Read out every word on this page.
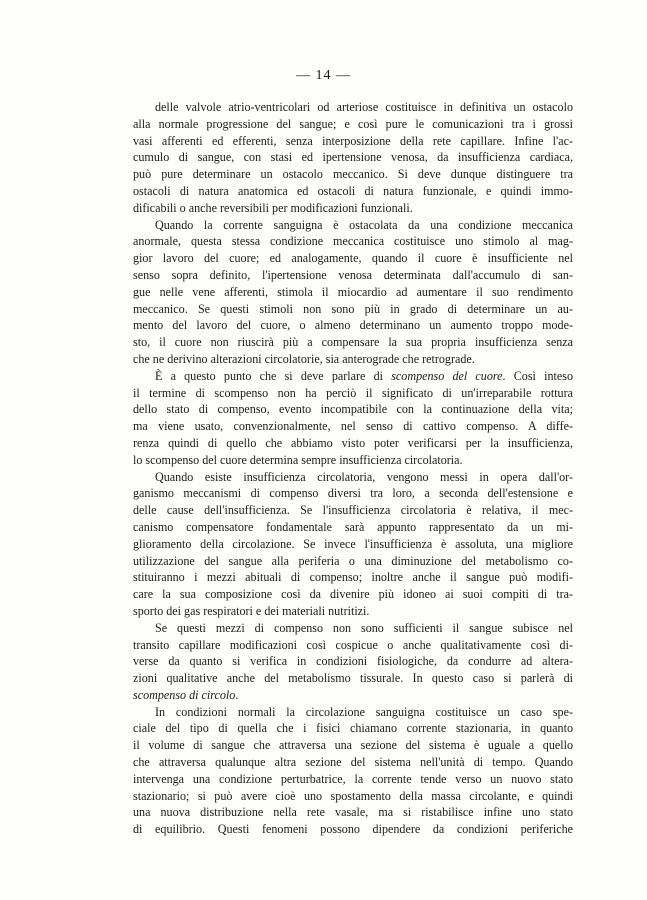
— 14 —
delle valvole atrio-ventricolari od arteriose costituisce in definitiva un ostacolo
alla normale progressione del sangue; e così pure le comunicazioni tra i grossi
vasi afferenti ed efferenti, senza interposizione della rete capillare. Infine l'ac-
cumulo di sangue, con stasi ed ipertensione venosa, da insufficienza cardiaca,
può pure determinare un ostacolo meccanico. Si deve dunque distinguere tra
ostacoli di natura anatomica ed ostacoli di natura funzionale, e quindi immo-
dificabili o anche reversibili per modificazioni funzionali.
Quando la corrente sanguigna è ostacolata da una condizione meccanica
anormale, questa stessa condizione meccanica costituisce uno stimolo al mag-
gior lavoro del cuore; ed analogamente, quando il cuore è insufficiente nel
senso sopra definito, l'ipertensione venosa determinata dall'accumulo di san-
gue nelle vene afferenti, stimola il miocardio ad aumentare il suo rendimento
meccanico. Se questi stimoli non sono più in grado di determinare un au-
mento del lavoro del cuore, o almeno determinano un aumento troppo mode-
sto, il cuore non riuscirà più a compensare la sua propria insufficienza senza
che ne derivino alterazioni circolatorie, sia anterograde che retrograde.
È a questo punto che si deve parlare di scompenso del cuore. Così inteso
il termine di scompenso non ha perciò il significato di un'irreparabile rottura
dello stato di compenso, evento incompatibile con la continuazione della vita;
ma viene usato, convenzionalmente, nel senso di cattivo compenso. A diffe-
renza quindi di quello che abbiamo visto poter verificarsi per la insufficienza,
lo scompenso del cuore determina sempre insufficienza circolatoria.
Quando esiste insufficienza circolatoria, vengono messi in opera dall'or-
ganismo meccanismi di compenso diversi tra loro, a seconda dell'estensione e
delle cause dell'insufficienza. Se l'insufficienza circolatoria è relativa, il mec-
canismo compensatore fondamentale sarà appunto rappresentato da un mi-
glioramento della circolazione. Se invece l'insufficienza è assoluta, una migliore
utilizzazione del sangue alla periferia o una diminuzione del metabolismo co-
stituiranno i mezzi abituali di compenso; inoltre anche il sangue può modifi-
care la sua composizione così da divenire più idoneo ai suoi compiti di tra-
sporto dei gas respiratori e dei materiali nutritizi.
Se questi mezzi di compenso non sono sufficienti il sangue subisce nel
transito capillare modificazioni così cospicue o anche qualitativamente così di-
verse da quanto si verifica in condizioni fisiologiche, da condurre ad altera-
zioni qualitative anche del metabolismo tissurale. In questo caso si parlerà di
scompenso di circolo.
In condizioni normali la circolazione sanguigna costituisce un caso spe-
ciale del tipo di quella che i fisici chiamano corrente stazionaria, in quanto
il volume di sangue che attraversa una sezione del sistema è uguale a quello
che attraversa qualunque altra sezione del sistema nell'unità di tempo. Quando
intervenga una condizione perturbatrice, la corrente tende verso un nuovo stato
stazionario; si può avere cioè uno spostamento della massa circolante, e quindi
una nuova distribuzione nella rete vasale, ma si ristabilisce infine uno stato
di equilibrio. Questi fenomeni possono dipendere da condizioni periferiche
